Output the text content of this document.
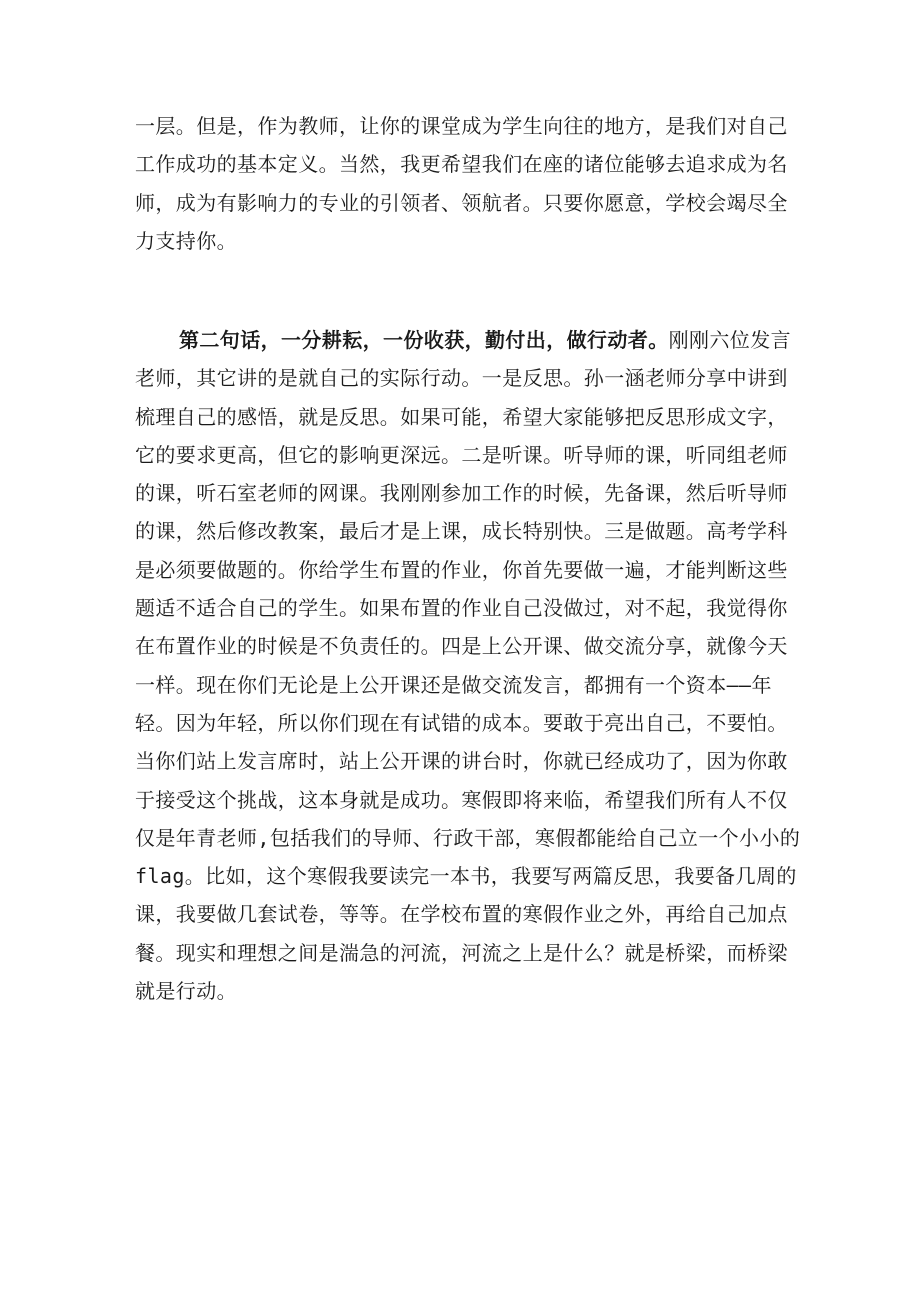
一层。但是，作为教师，让你的课堂成为学生向往的地方，是我们对自己
工作成功的基本定义。当然，我更希望我们在座的诸位能够去追求成为名
师，成为有影响力的专业的引领者、领航者。只要你愿意，学校会竭尽全
力支持你。
第二句话，一分耕耘，一份收获，勤付出，做行动者。刚刚六位发言
老师，其它讲的是就自己的实际行动。一是反思。孙一涵老师分享中讲到
梳理自己的感悟，就是反思。如果可能，希望大家能够把反思形成文字，
它的要求更高，但它的影响更深远。二是听课。听导师的课，听同组老师
的课，听石室老师的网课。我刚刚参加工作的时候，先备课，然后听导师
的课，然后修改教案，最后才是上课，成长特别快。三是做题。高考学科
是必须要做题的。你给学生布置的作业，你首先要做一遍，才能判断这些
题适不适合自己的学生。如果布置的作业自己没做过，对不起，我觉得你
在布置作业的时候是不负责任的。四是上公开课、做交流分享，就像今天
一样。现在你们无论是上公开课还是做交流发言，都拥有一个资本——年
轻。因为年轻，所以你们现在有试错的成本。要敢于亮出自己，不要怕。
当你们站上发言席时，站上公开课的讲台时，你就已经成功了，因为你敢
于接受这个挑战，这本身就是成功。寒假即将来临，希望我们所有人不仅
仅是年青老师,包括我们的导师、行政干部，寒假都能给自己立一个小小的
flag。比如，这个寒假我要读完一本书，我要写两篇反思，我要备几周的
课，我要做几套试卷，等等。在学校布置的寒假作业之外，再给自己加点
餐。现实和理想之间是湍急的河流，河流之上是什么？就是桥梁，而桥梁
就是行动。
